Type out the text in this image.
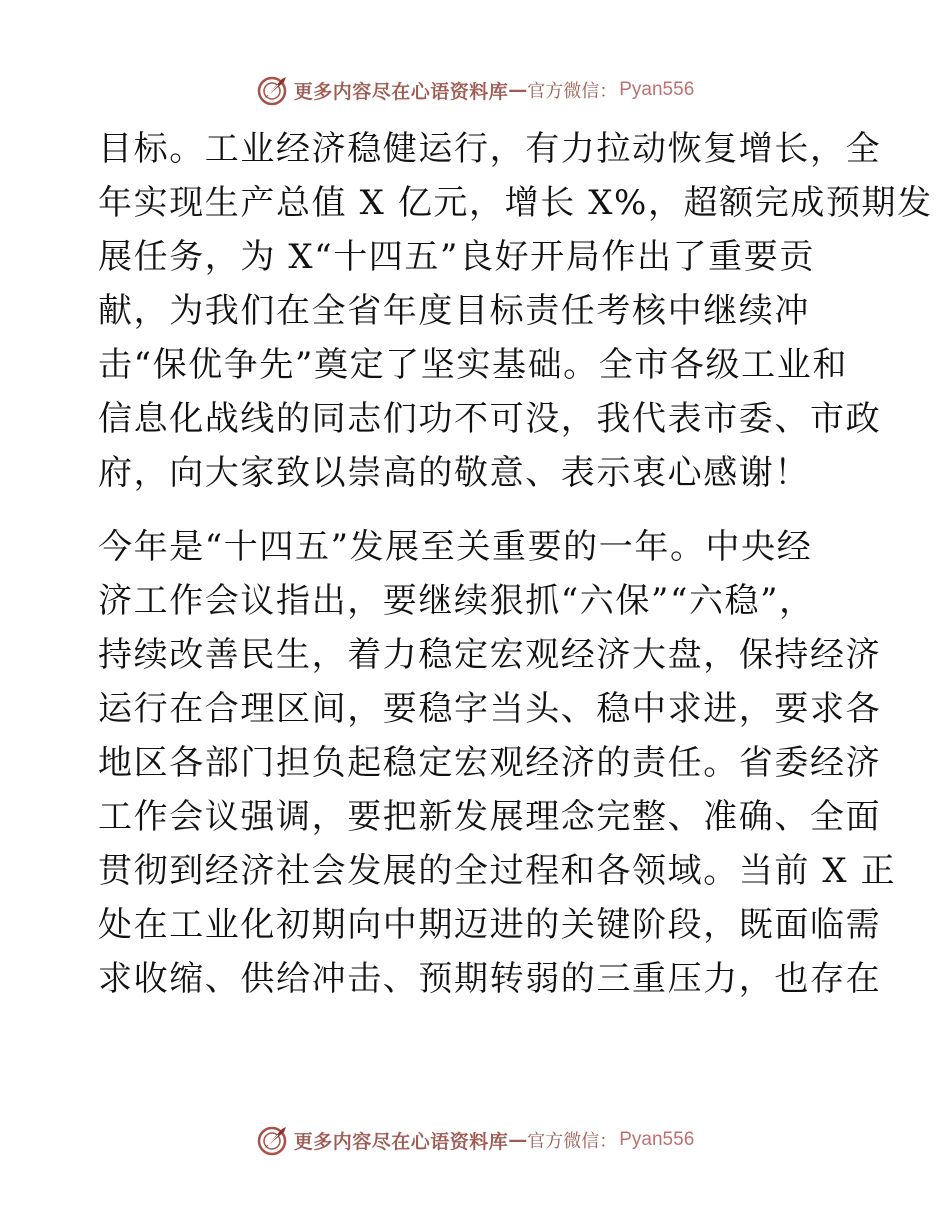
更多内容尽在心语资料库 — 官方微信： Pyan556
目标。工业经济稳健运行，有力拉动恢复增长，全
年实现生产总值 X 亿元，增长 X%，超额完成预期发
展任务，为 X“十四五”良好开局作出了重要贡
献，为我们在全省年度目标责任考核中继续冲
击“保优争先”奠定了坚实基础。全市各级工业和
信息化战线的同志们功不可没，我代表市委、市政
府，向大家致以崇高的敬意、表示衷心感谢！
今年是“十四五”发展至关重要的一年。中央经
济工作会议指出，要继续狠抓“六保”“六稳”，
持续改善民生，着力稳定宏观经济大盘，保持经济
运行在合理区间，要稳字当头、稳中求进，要求各
地区各部门担负起稳定宏观经济的责任。省委经济
工作会议强调，要把新发展理念完整、准确、全面
贯彻到经济社会发展的全过程和各领域。当前 X 正
处在工业化初期向中期迈进的关键阶段，既面临需
求收缩、供给冲击、预期转弱的三重压力，也存在
更多内容尽在心语资料库 — 官方微信： Pyan556
